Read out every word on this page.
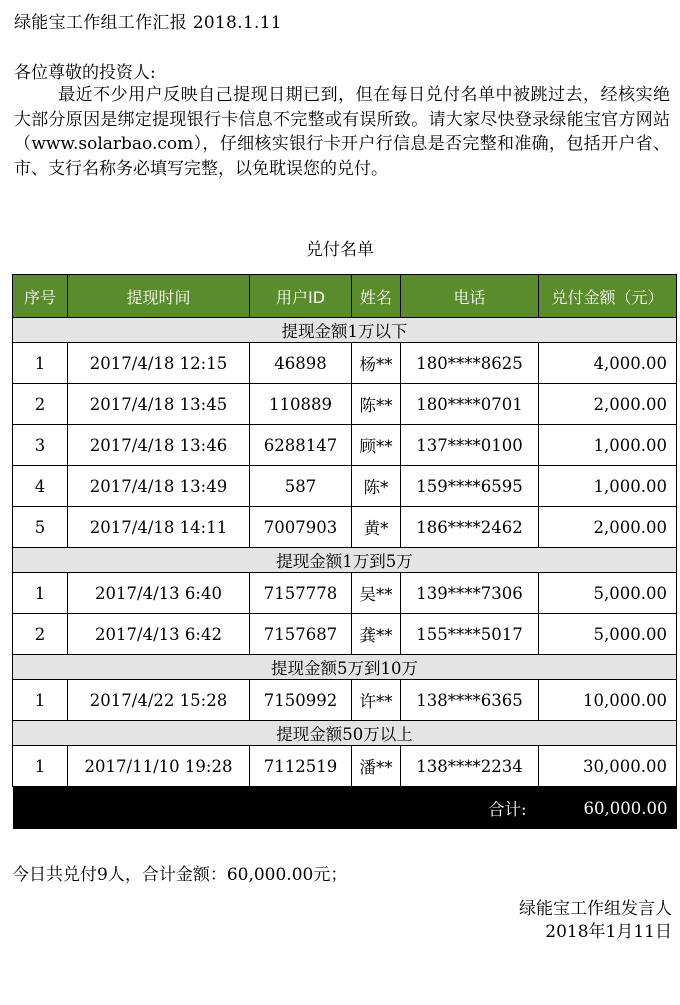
绿能宝工作组工作汇报 2018.1.11
各位尊敬的投资人:
最近不少用户反映自己提现日期已到，但在每日兑付名单中被跳过去，经核实绝大部分原因是绑定提现银行卡信息不完整或有误所致。请大家尽快登录绿能宝官方网站（www.solarbao.com），仔细核实银行卡开户行信息是否完整和准确，包括开户省、市、支行名称务必填写完整，以免耽误您的兑付。
兑付名单
序号	提现时间	用户ID	姓名	电话	兑付金额（元）
提现金额1万以下					
1	2017/4/18 12:15	46898	杨**	180****8625	4,000.00
2	2017/4/18 13:45	110889	陈**	180****0701	2,000.00
3	2017/4/18 13:46	6288147	顾**	137****0100	1,000.00
4	2017/4/18 13:49	587	陈*	159****6595	1,000.00
5	2017/4/18 14:11	7007903	黄*	186****2462	2,000.00
提现金额1万到5万					
1	2017/4/13 6:40	7157778	吴**	139****7306	5,000.00
2	2017/4/13 6:42	7157687	龚**	155****5017	5,000.00
提现金额5万到10万					
1	2017/4/22 15:28	7150992	许**	138****6365	10,000.00
提现金额50万以上					
1	2017/11/10 19:28	7112519	潘**	138****2234	30,000.00
合计:					60,000.00
今日共兑付9人，合计金额：60,000.00元；
绿能宝工作组发言人
2018年1月11日
